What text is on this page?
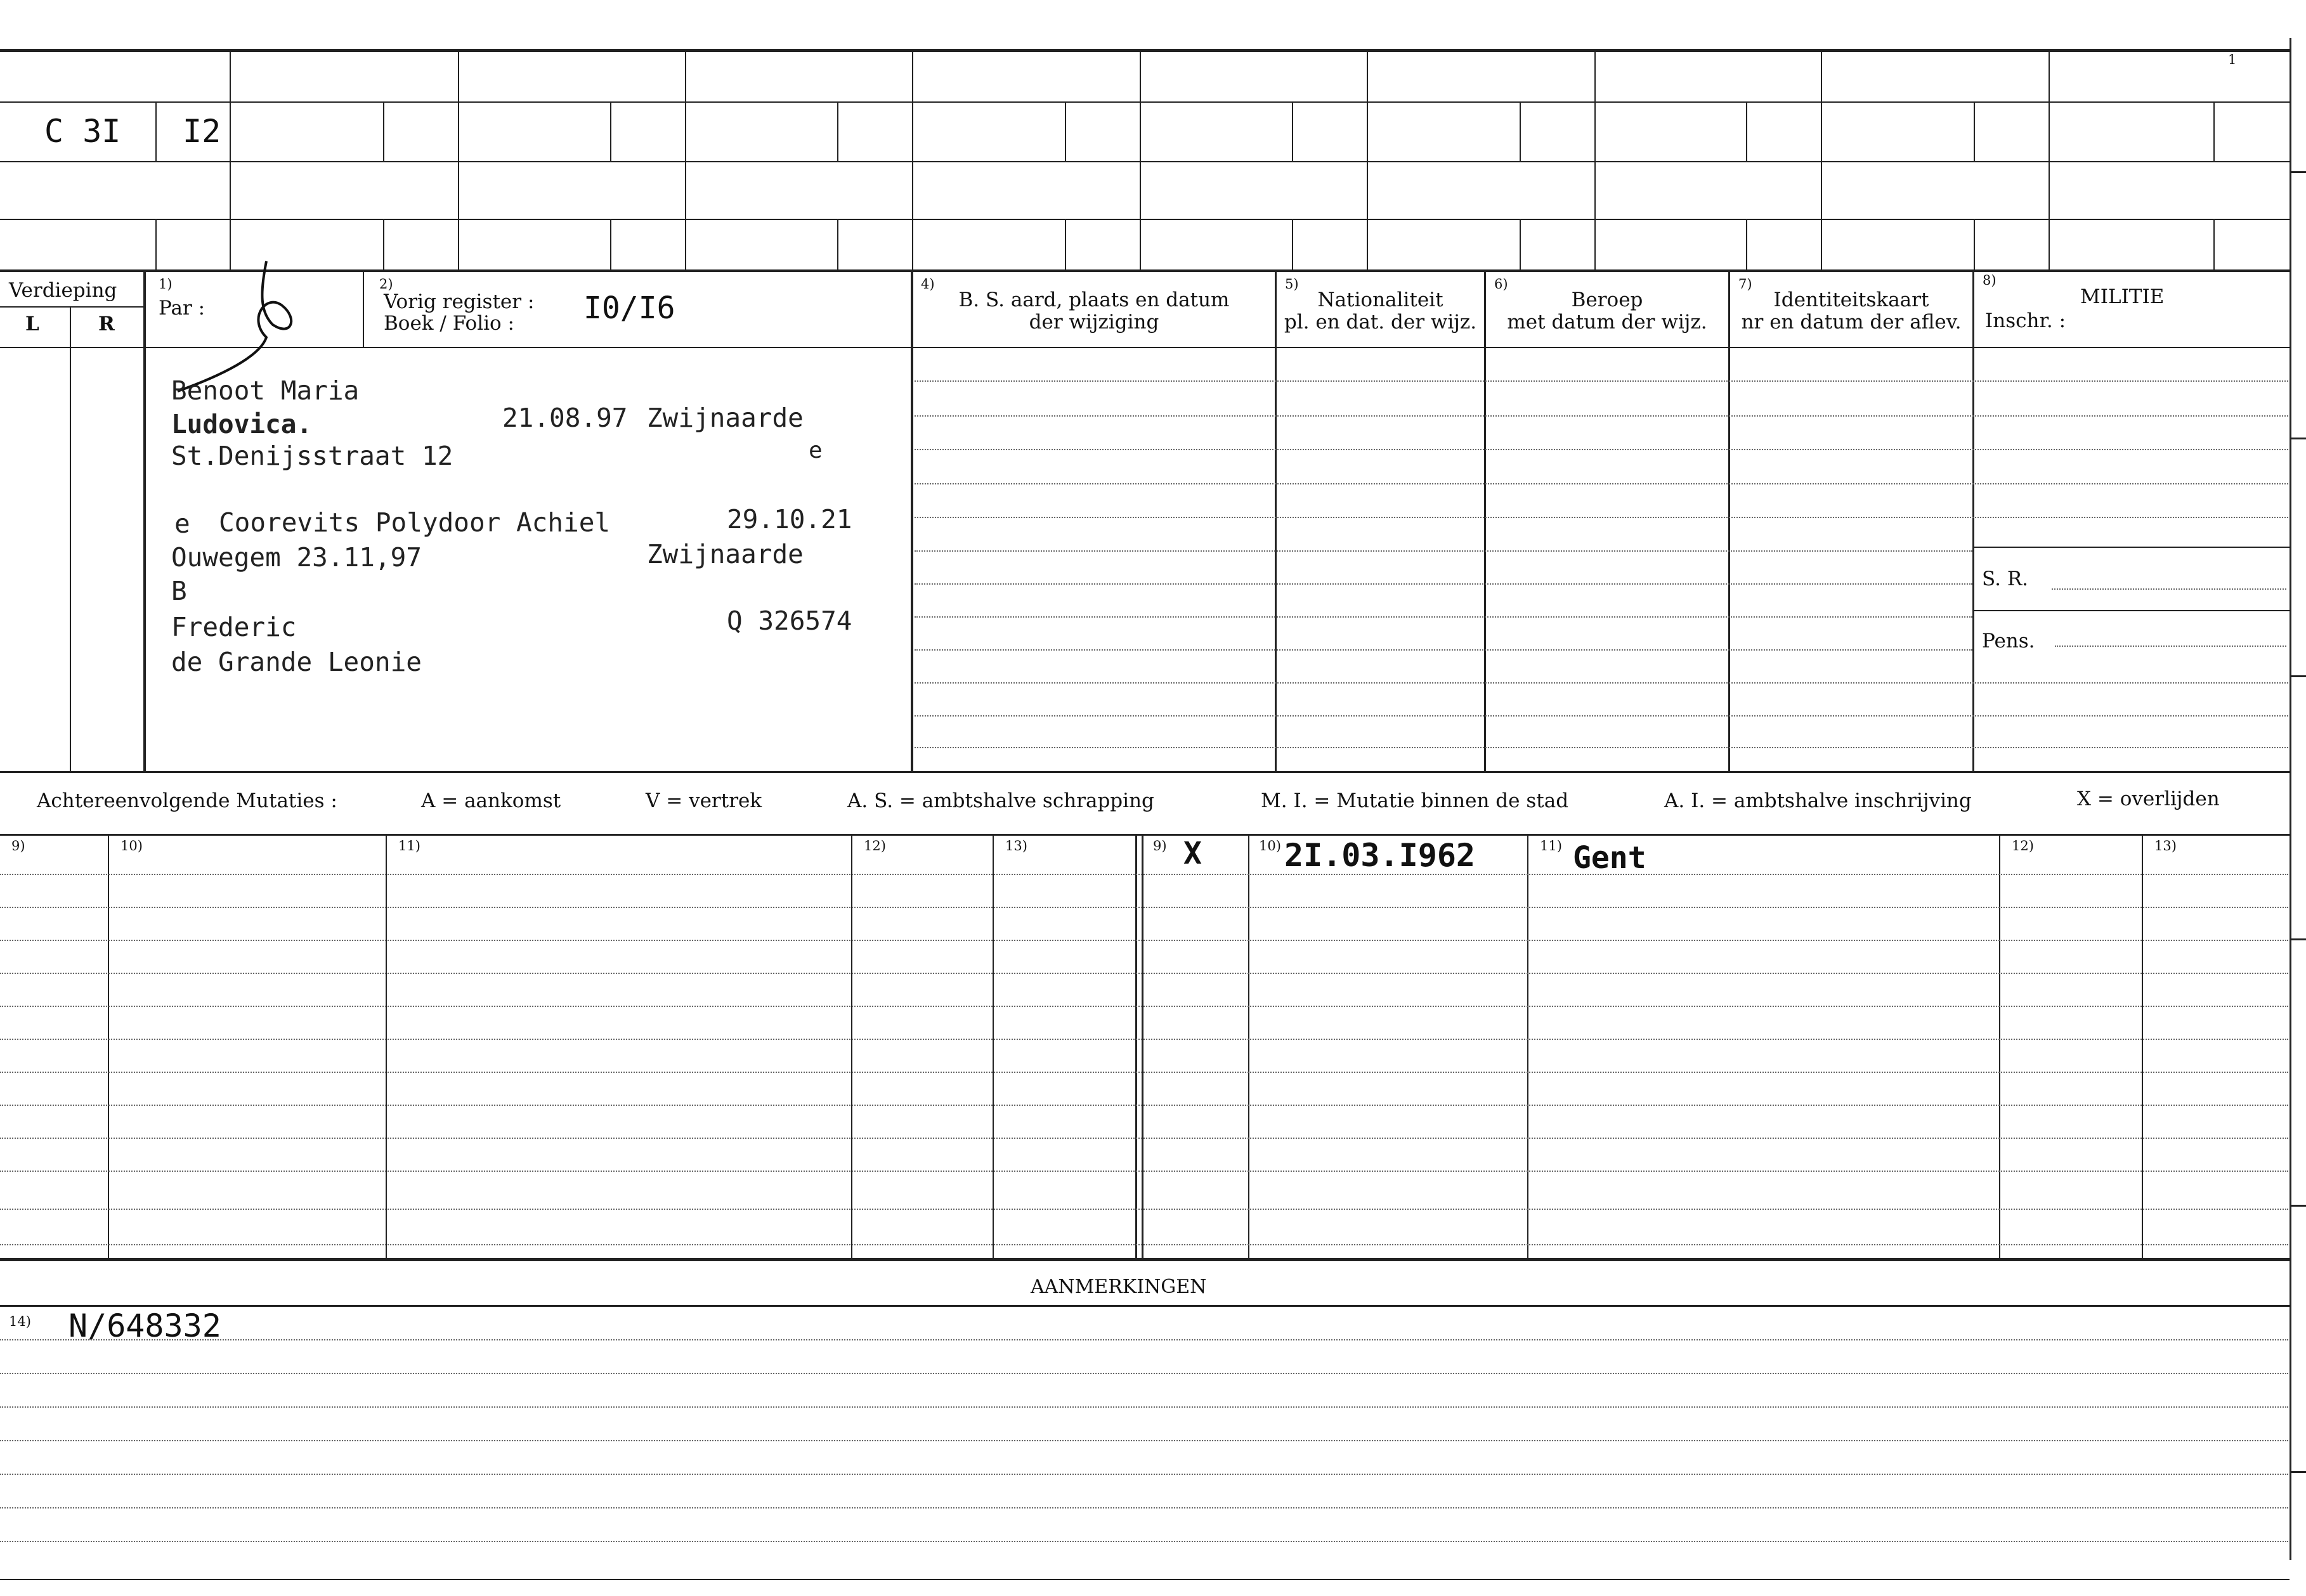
C 3I I2
1
Verdieping
L	R
1)
Par :
2)
Vorig register :
Boek / Folio : I0/I6
4)
B. S. aard, plaats en datum
der wijziging
5)
Nationaliteit
pl. en dat. der wijz.
6)
Beroep
met datum der wijz.
7)
Identiteitskaart
nr en datum der aflev.
8)
MILITIE
Inschr. :
S. R.
Pens.
Benoot Maria
Ludovica.	21.08.97 Zwijnaarde
St.Denijsstraat 12	e
e Coorevits Polydoor Achiel	29.10.21
Ouwegem 23.11,97	Zwijnaarde
B
Frederic	Q 326574
de Grande Leonie
Achtereenvolgende Mutaties :	A = aankomst	V = vertrek	A. S. = ambtshalve schrapping	M. I. = Mutatie binnen de stad	A. I. = ambtshalve inschrijving	X = overlijden
9)	10)	11)	12)	13)	9)	10)	11)	12)	13)
X	2I.03.I962	Gent
AANMERKINGEN
14) N/648332
